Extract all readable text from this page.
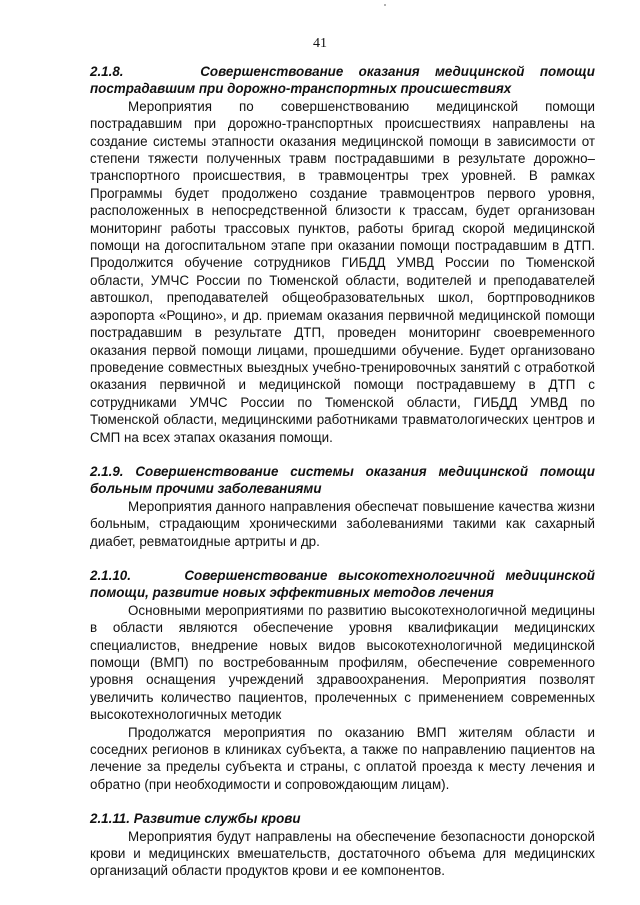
41
2.1.8.	Совершенствование оказания медицинской помощи пострадавшим при дорожно-транспортных происшествиях

Мероприятия по совершенствованию медицинской помощи пострадавшим при дорожно-транспортных происшествиях направлены на создание системы этапности оказания медицинской помощи в зависимости от степени тяжести полученных травм пострадавшими в результате дорожно–транспортного происшествия, в травмоцентры трех уровней. В рамках Программы будет продолжено создание травмоцентров первого уровня, расположенных в непосредственной близости к трассам, будет организован мониторинг работы трассовых пунктов, работы бригад скорой медицинской помощи на догоспитальном этапе при оказании помощи пострадавшим в ДТП. Продолжится обучение сотрудников ГИБДД УМВД России по Тюменской области, УМЧС России по Тюменской области, водителей и преподавателей автошкол, преподавателей общеобразовательных школ, бортпроводников аэропорта «Рощино», и др. приемам оказания первичной медицинской помощи пострадавшим в результате ДТП, проведен мониторинг своевременного оказания первой помощи лицами, прошедшими обучение. Будет организовано проведение совместных выездных учебно-тренировочных занятий с отработкой оказания первичной и медицинской помощи пострадавшему в ДТП с сотрудниками УМЧС России по Тюменской области, ГИБДД УМВД по Тюменской области, медицинскими работниками травматологических центров и СМП на всех этапах оказания помощи.

2.1.9. Совершенствование системы оказания медицинской помощи больным прочими заболеваниями

Мероприятия данного направления обеспечат повышение качества жизни больным, страдающим хроническими заболеваниями такими как сахарный диабет, ревматоидные артриты и др.

2.1.10.	Совершенствование высокотехнологичной медицинской помощи, развитие новых эффективных методов лечения

Основными мероприятиями по развитию высокотехнологичной медицины в области являются обеспечение уровня квалификации медицинских специалистов, внедрение новых видов высокотехнологичной медицинской помощи (ВМП) по востребованным профилям, обеспечение современного уровня оснащения учреждений здравоохранения. Мероприятия позволят увеличить количество пациентов, пролеченных с применением современных высокотехнологичных методик

Продолжатся мероприятия по оказанию ВМП жителям области и соседних регионов в клиниках субъекта, а также по направлению пациентов на лечение за пределы субъекта и страны, с оплатой проезда к месту лечения и обратно (при необходимости и сопровождающим лицам).

2.1.11. Развитие службы крови

Мероприятия будут направлены на обеспечение безопасности донорской крови и медицинских вмешательств, достаточного объема для медицинских организаций области продуктов крови и ее компонентов.
